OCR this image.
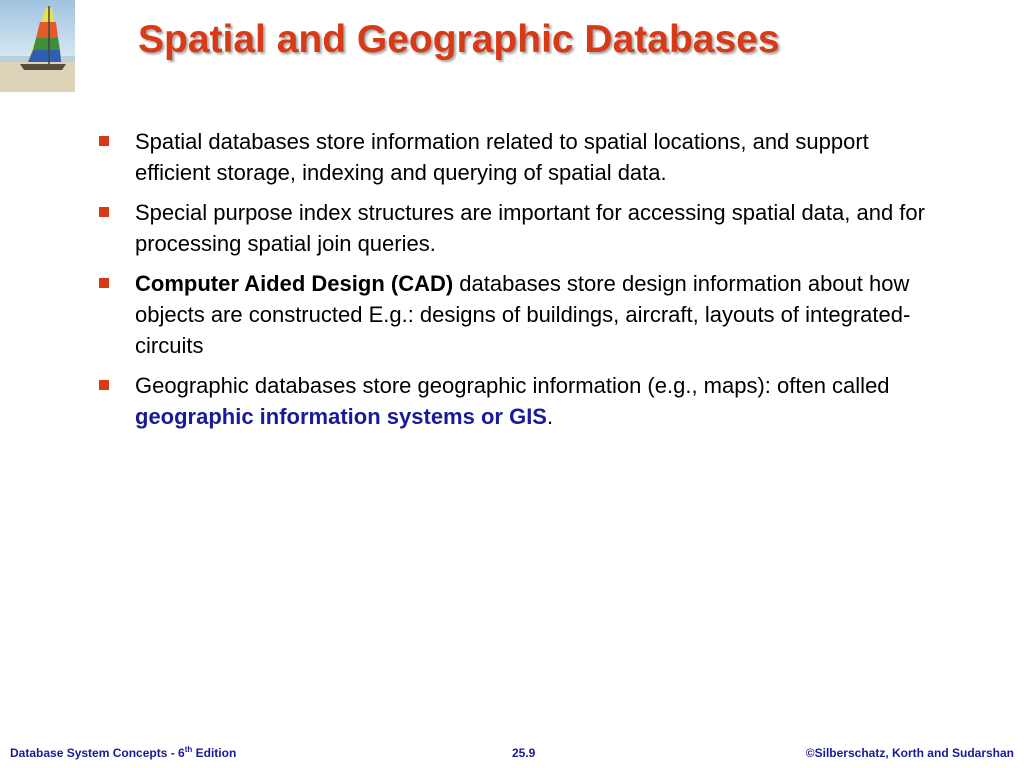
Spatial and Geographic Databases
Spatial databases store information related to spatial locations, and support efficient storage, indexing and querying of spatial data.
Special purpose index structures are important for accessing spatial data, and for processing spatial join queries.
Computer Aided Design (CAD) databases store design information about how objects are constructed E.g.: designs of buildings, aircraft, layouts of integrated-circuits
Geographic databases store geographic information (e.g., maps): often called geographic information systems or GIS.
Database System Concepts - 6th Edition	25.9	©Silberschatz, Korth and Sudarshan
